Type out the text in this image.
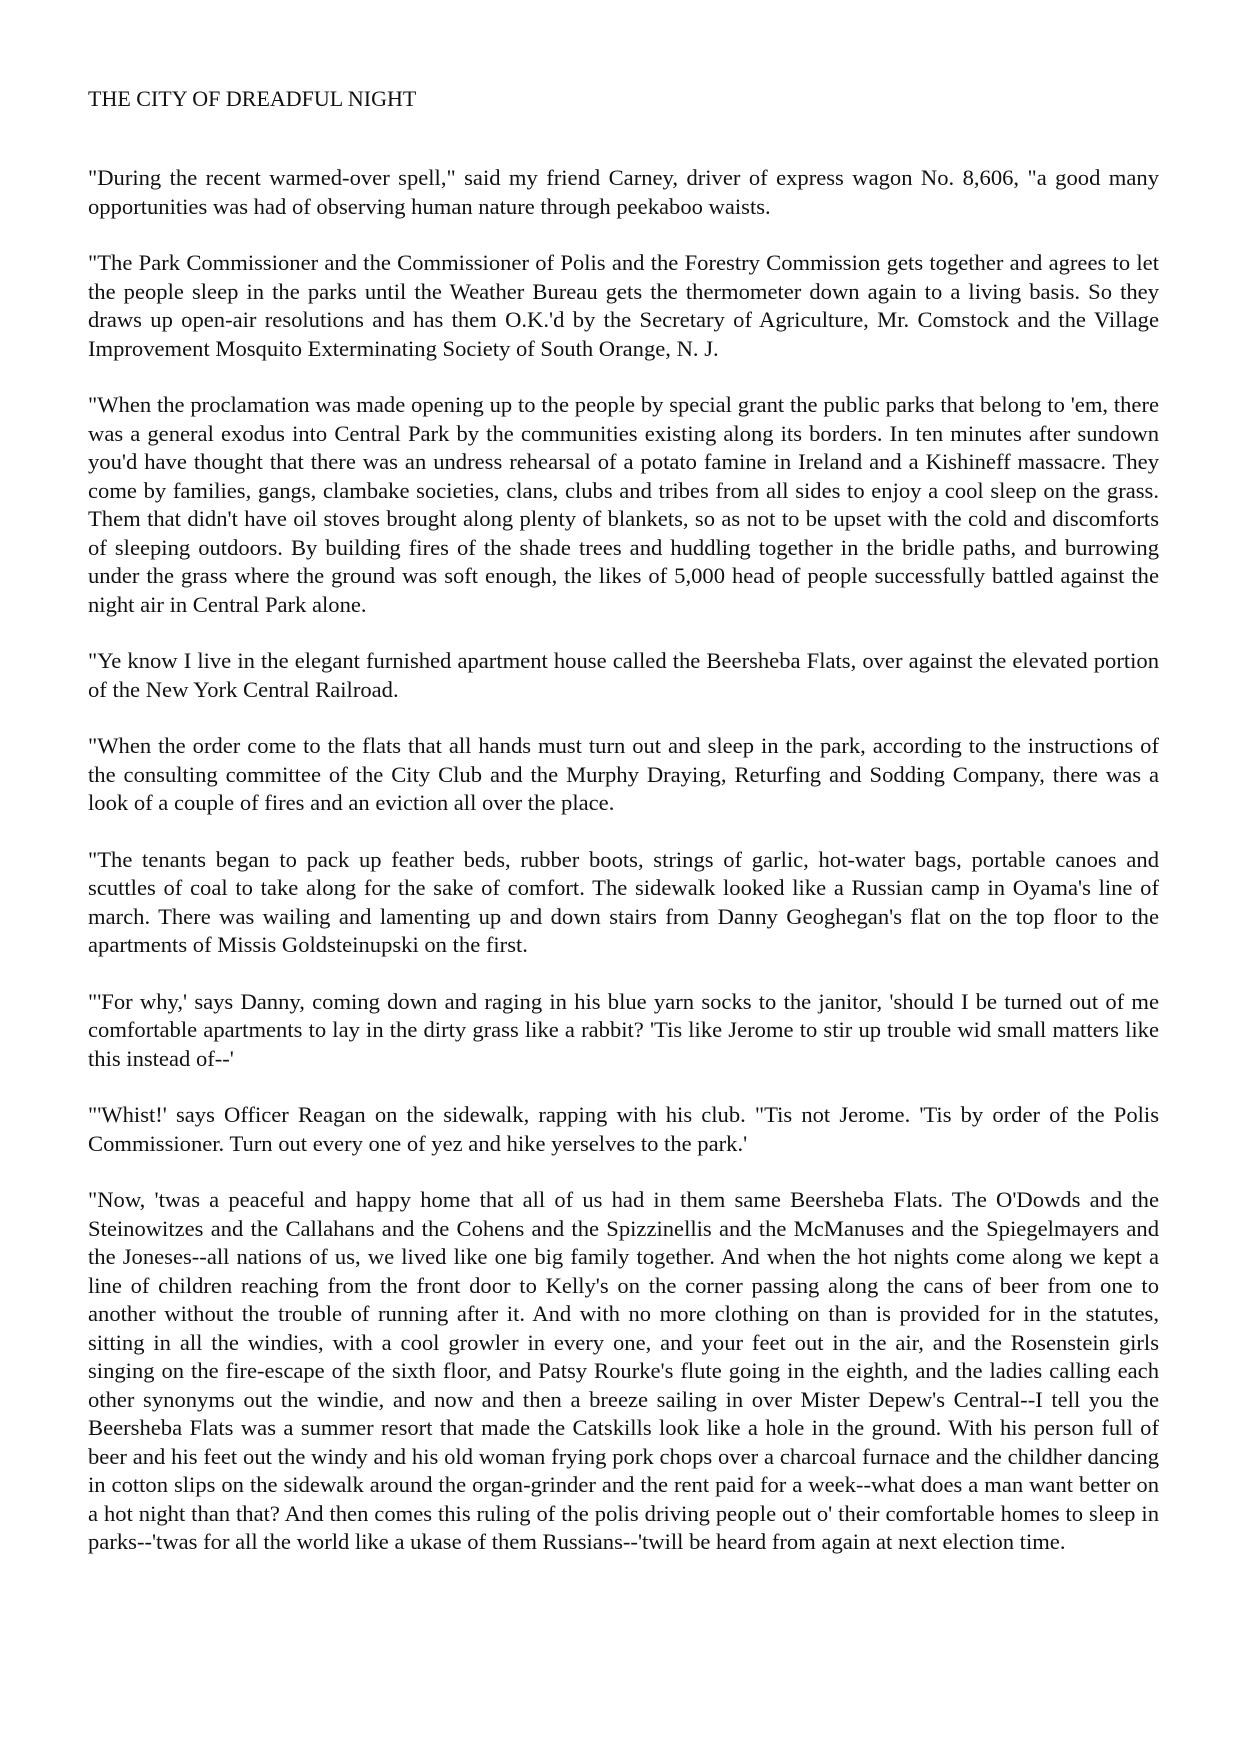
THE CITY OF DREADFUL NIGHT

"During the recent warmed-over spell," said my friend Carney, driver of express wagon No. 8,606, "a good many opportunities was had of observing human nature through peekaboo waists.

"The Park Commissioner and the Commissioner of Polis and the Forestry Commission gets together and agrees to let the people sleep in the parks until the Weather Bureau gets the thermometer down again to a living basis. So they draws up open-air resolutions and has them O.K.'d by the Secretary of Agriculture, Mr. Comstock and the Village Improvement Mosquito Exterminating Society of South Orange, N. J.

"When the proclamation was made opening up to the people by special grant the public parks that belong to 'em, there was a general exodus into Central Park by the communities existing along its borders. In ten minutes after sundown you'd have thought that there was an undress rehearsal of a potato famine in Ireland and a Kishineff massacre. They come by families, gangs, clambake societies, clans, clubs and tribes from all sides to enjoy a cool sleep on the grass. Them that didn't have oil stoves brought along plenty of blankets, so as not to be upset with the cold and discomforts of sleeping outdoors. By building fires of the shade trees and huddling together in the bridle paths, and burrowing under the grass where the ground was soft enough, the likes of 5,000 head of people successfully battled against the night air in Central Park alone.

"Ye know I live in the elegant furnished apartment house called the Beersheba Flats, over against the elevated portion of the New York Central Railroad.

"When the order come to the flats that all hands must turn out and sleep in the park, according to the instructions of the consulting committee of the City Club and the Murphy Draying, Returfing and Sodding Company, there was a look of a couple of fires and an eviction all over the place.

"The tenants began to pack up feather beds, rubber boots, strings of garlic, hot-water bags, portable canoes and scuttles of coal to take along for the sake of comfort. The sidewalk looked like a Russian camp in Oyama's line of march. There was wailing and lamenting up and down stairs from Danny Geoghegan's flat on the top floor to the apartments of Missis Goldsteinupski on the first.

"'For why,' says Danny, coming down and raging in his blue yarn socks to the janitor, 'should I be turned out of me comfortable apartments to lay in the dirty grass like a rabbit? 'Tis like Jerome to stir up trouble wid small matters like this instead of--'

"'Whist!' says Officer Reagan on the sidewalk, rapping with his club. "Tis not Jerome. 'Tis by order of the Polis Commissioner. Turn out every one of yez and hike yerselves to the park.'

"Now, 'twas a peaceful and happy home that all of us had in them same Beersheba Flats. The O'Dowds and the Steinowitzes and the Callahans and the Cohens and the Spizzinellis and the McManuses and the Spiegelmayers and the Joneses--all nations of us, we lived like one big family together. And when the hot nights come along we kept a line of children reaching from the front door to Kelly's on the corner passing along the cans of beer from one to another without the trouble of running after it. And with no more clothing on than is provided for in the statutes, sitting in all the windies, with a cool growler in every one, and your feet out in the air, and the Rosenstein girls singing on the fire-escape of the sixth floor, and Patsy Rourke's flute going in the eighth, and the ladies calling each other synonyms out the windie, and now and then a breeze sailing in over Mister Depew's Central--I tell you the Beersheba Flats was a summer resort that made the Catskills look like a hole in the ground. With his person full of beer and his feet out the windy and his old woman frying pork chops over a charcoal furnace and the childher dancing in cotton slips on the sidewalk around the organ-grinder and the rent paid for a week--what does a man want better on a hot night than that? And then comes this ruling of the polis driving people out o' their comfortable homes to sleep in parks--'twas for all the world like a ukase of them Russians--'twill be heard from again at next election time.
